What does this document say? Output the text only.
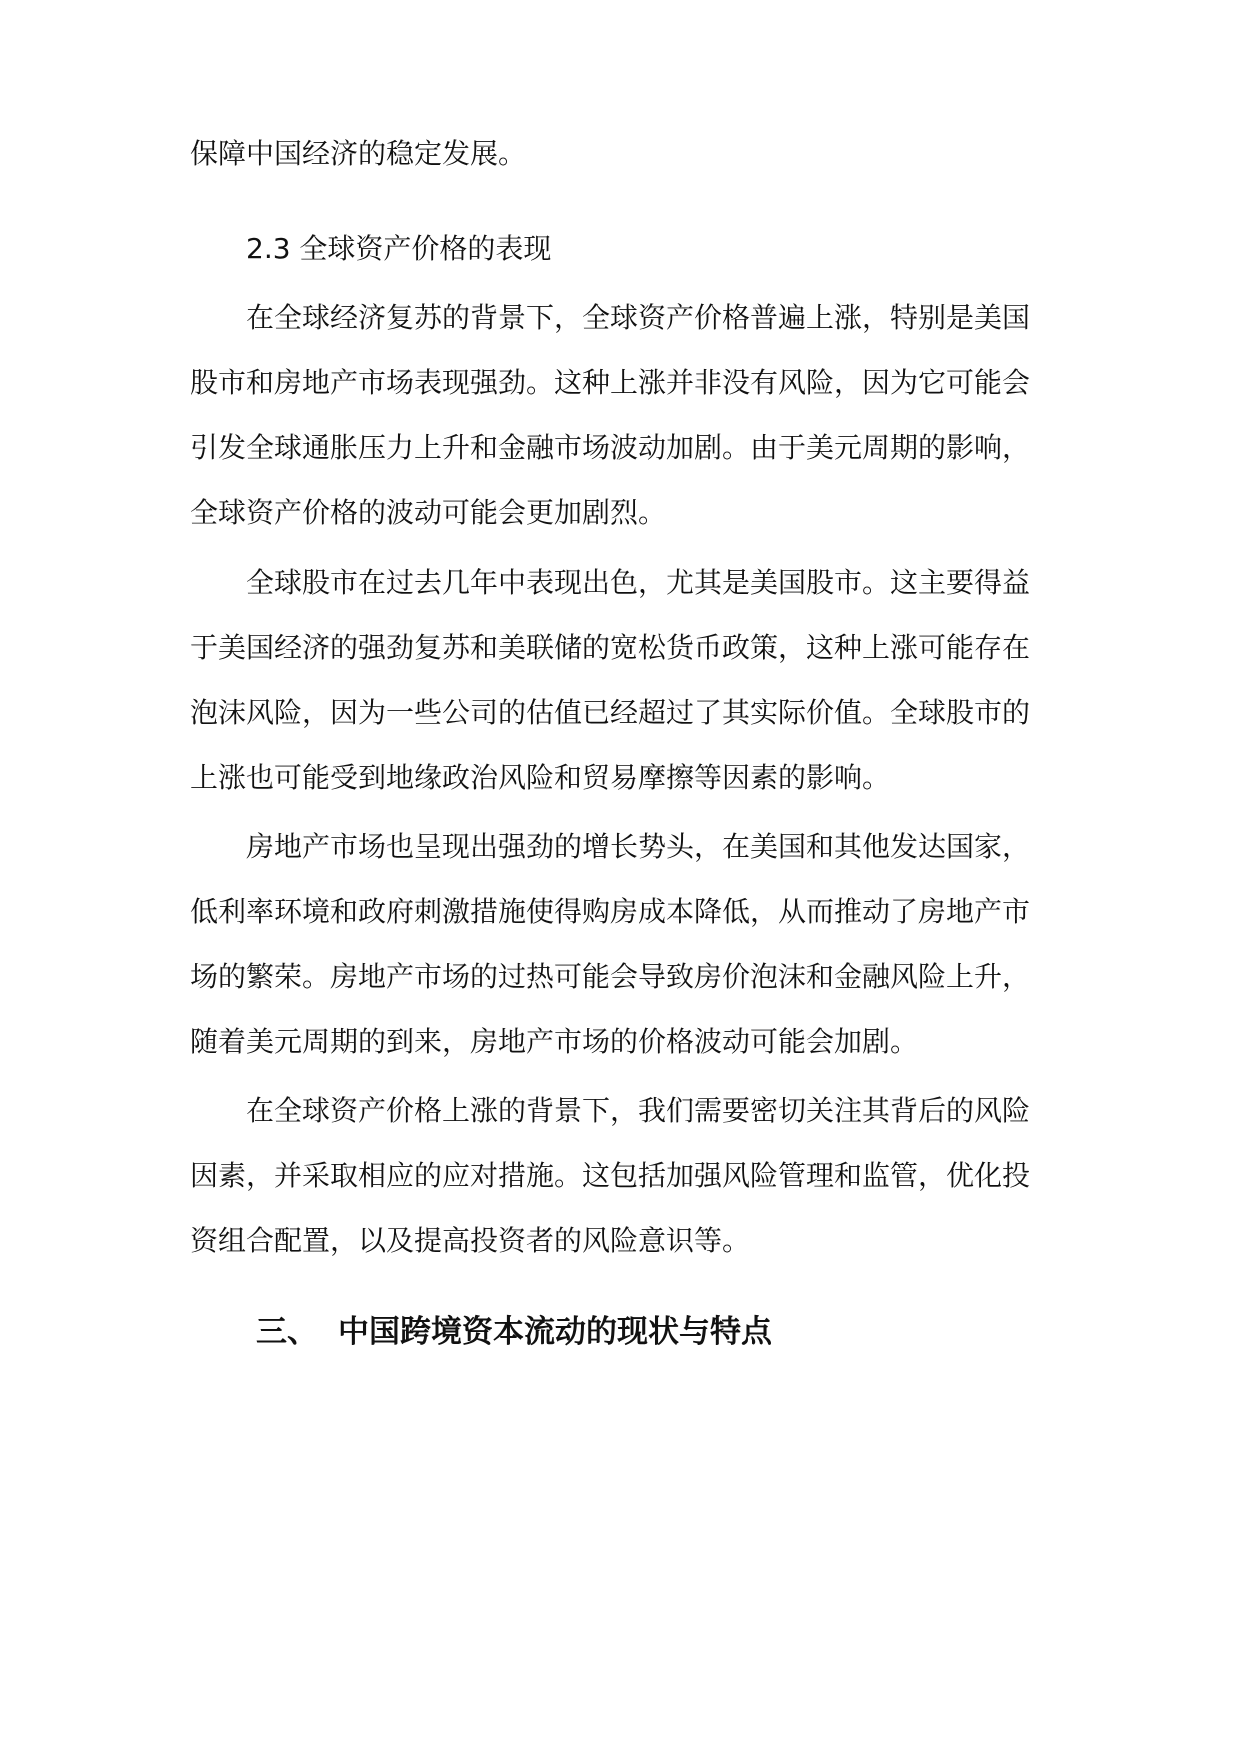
保障中国经济的稳定发展。
2.3 全球资产价格的表现
在全球经济复苏的背景下，全球资产价格普遍上涨，特别是美国
股市和房地产市场表现强劲。这种上涨并非没有风险，因为它可能会
引发全球通胀压力上升和金融市场波动加剧。由于美元周期的影响，
全球资产价格的波动可能会更加剧烈。
全球股市在过去几年中表现出色，尤其是美国股市。这主要得益
于美国经济的强劲复苏和美联储的宽松货币政策，这种上涨可能存在
泡沫风险，因为一些公司的估值已经超过了其实际价值。全球股市的
上涨也可能受到地缘政治风险和贸易摩擦等因素的影响。
房地产市场也呈现出强劲的增长势头，在美国和其他发达国家，
低利率环境和政府刺激措施使得购房成本降低，从而推动了房地产市
场的繁荣。房地产市场的过热可能会导致房价泡沫和金融风险上升，
随着美元周期的到来，房地产市场的价格波动可能会加剧。
在全球资产价格上涨的背景下，我们需要密切关注其背后的风险
因素，并采取相应的应对措施。这包括加强风险管理和监管，优化投
资组合配置，以及提高投资者的风险意识等。
三、 中国跨境资本流动的现状与特点
